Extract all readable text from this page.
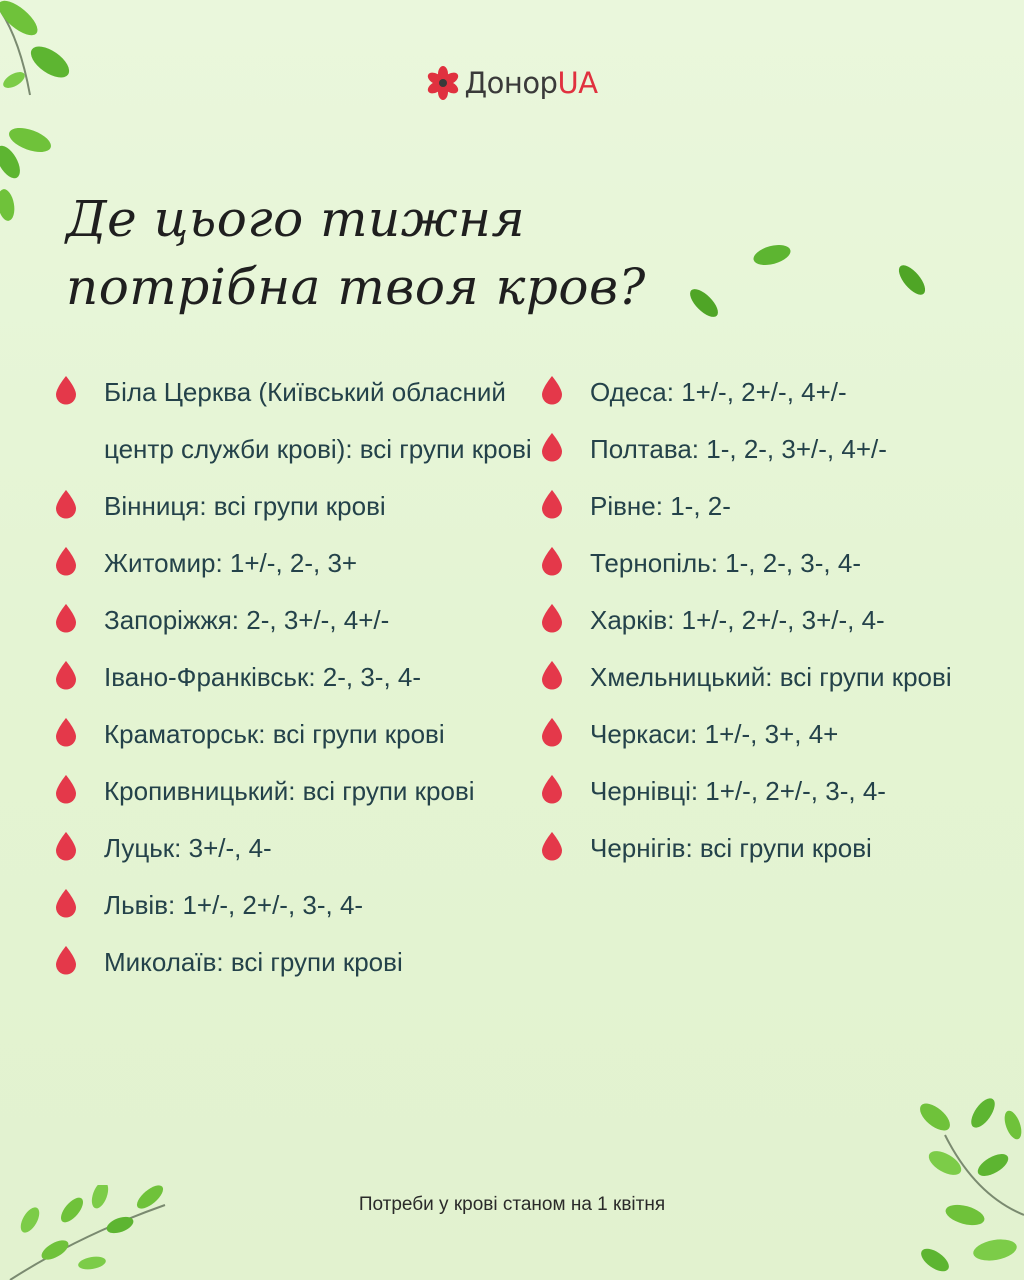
ДонорUA
Де цього тижня
потрібна твоя кров?
Біла Церква (Київський обласний центр служби крові): всі групи крові
Вінниця: всі групи крові
Житомир: 1+/-, 2-, 3+
Запоріжжя: 2-, 3+/-, 4+/-
Івано-Франківськ: 2-, 3-, 4-
Краматорськ: всі групи крові
Кропивницький: всі групи крові
Луцьк: 3+/-, 4-
Львів: 1+/-, 2+/-, 3-, 4-
Миколаїв: всі групи крові
Одеса: 1+/-, 2+/-, 4+/-
Полтава: 1-, 2-, 3+/-, 4+/-
Рівне: 1-, 2-
Тернопіль: 1-, 2-, 3-, 4-
Харків: 1+/-, 2+/-, 3+/-, 4-
Хмельницький: всі групи крові
Черкаси: 1+/-, 3+, 4+
Чернівці: 1+/-, 2+/-, 3-, 4-
Чернігів: всі групи крові
Потреби у крові станом на 1 квітня
